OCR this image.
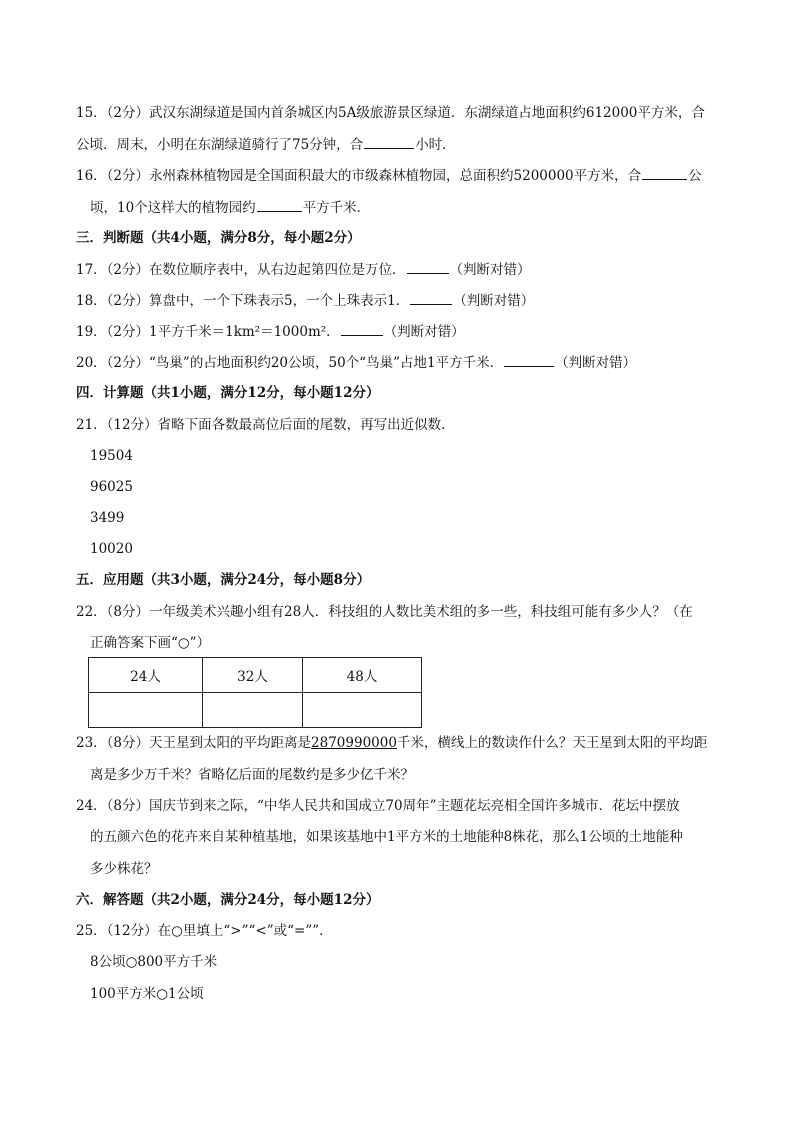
15．（2分）武汉东湖绿道是国内首条城区内5A级旅游景区绿道．东湖绿道占地面积约612000平方米，合
公顷．周末，小明在东湖绿道骑行了75分钟，合	小时．
16．（2分）永州森林植物园是全国面积最大的市级森林植物园，总面积约5200000平方米，合	公
顷，10个这样大的植物园约	平方千米．
三．判断题（共4小题，满分8分，每小题2分）
17．（2分）在数位顺序表中，从右边起第四位是万位．	（判断对错）
18．（2分）算盘中，一个下珠表示5，一个上珠表示1．	（判断对错）
19．（2分）1平方千米＝1km²＝1000m²．	（判断对错）
20．（2分）“鸟巢”的占地面积约20公顷，50个“鸟巢”占地1平方千米．	（判断对错）
四．计算题（共1小题，满分12分，每小题12分）
21．（12分）省略下面各数最高位后面的尾数，再写出近似数．
19504
96025
3499
10020
五．应用题（共3小题，满分24分，每小题8分）
22．（8分）一年级美术兴趣小组有28人．科技组的人数比美术组的多一些，科技组可能有多少人？（在
正确答案下画“○”）
24人	32人	48人

23．（8分）天王星到太阳的平均距离是2870990000千米，横线上的数读作什么？天王星到太阳的平均距
离是多少万千米？省略亿后面的尾数约是多少亿千米？
24．（8分）国庆节到来之际，“中华人民共和国成立70周年”主题花坛亮相全国许多城市．花坛中摆放
的五颜六色的花卉来自某种植基地，如果该基地中1平方米的土地能种8株花，那么1公顷的土地能种
多少株花？
六．解答题（共2小题，满分24分，每小题12分）
25．（12分）在○里填上“>”“<”或“=””．
8公顷○800平方千米
100平方米○1公顷
